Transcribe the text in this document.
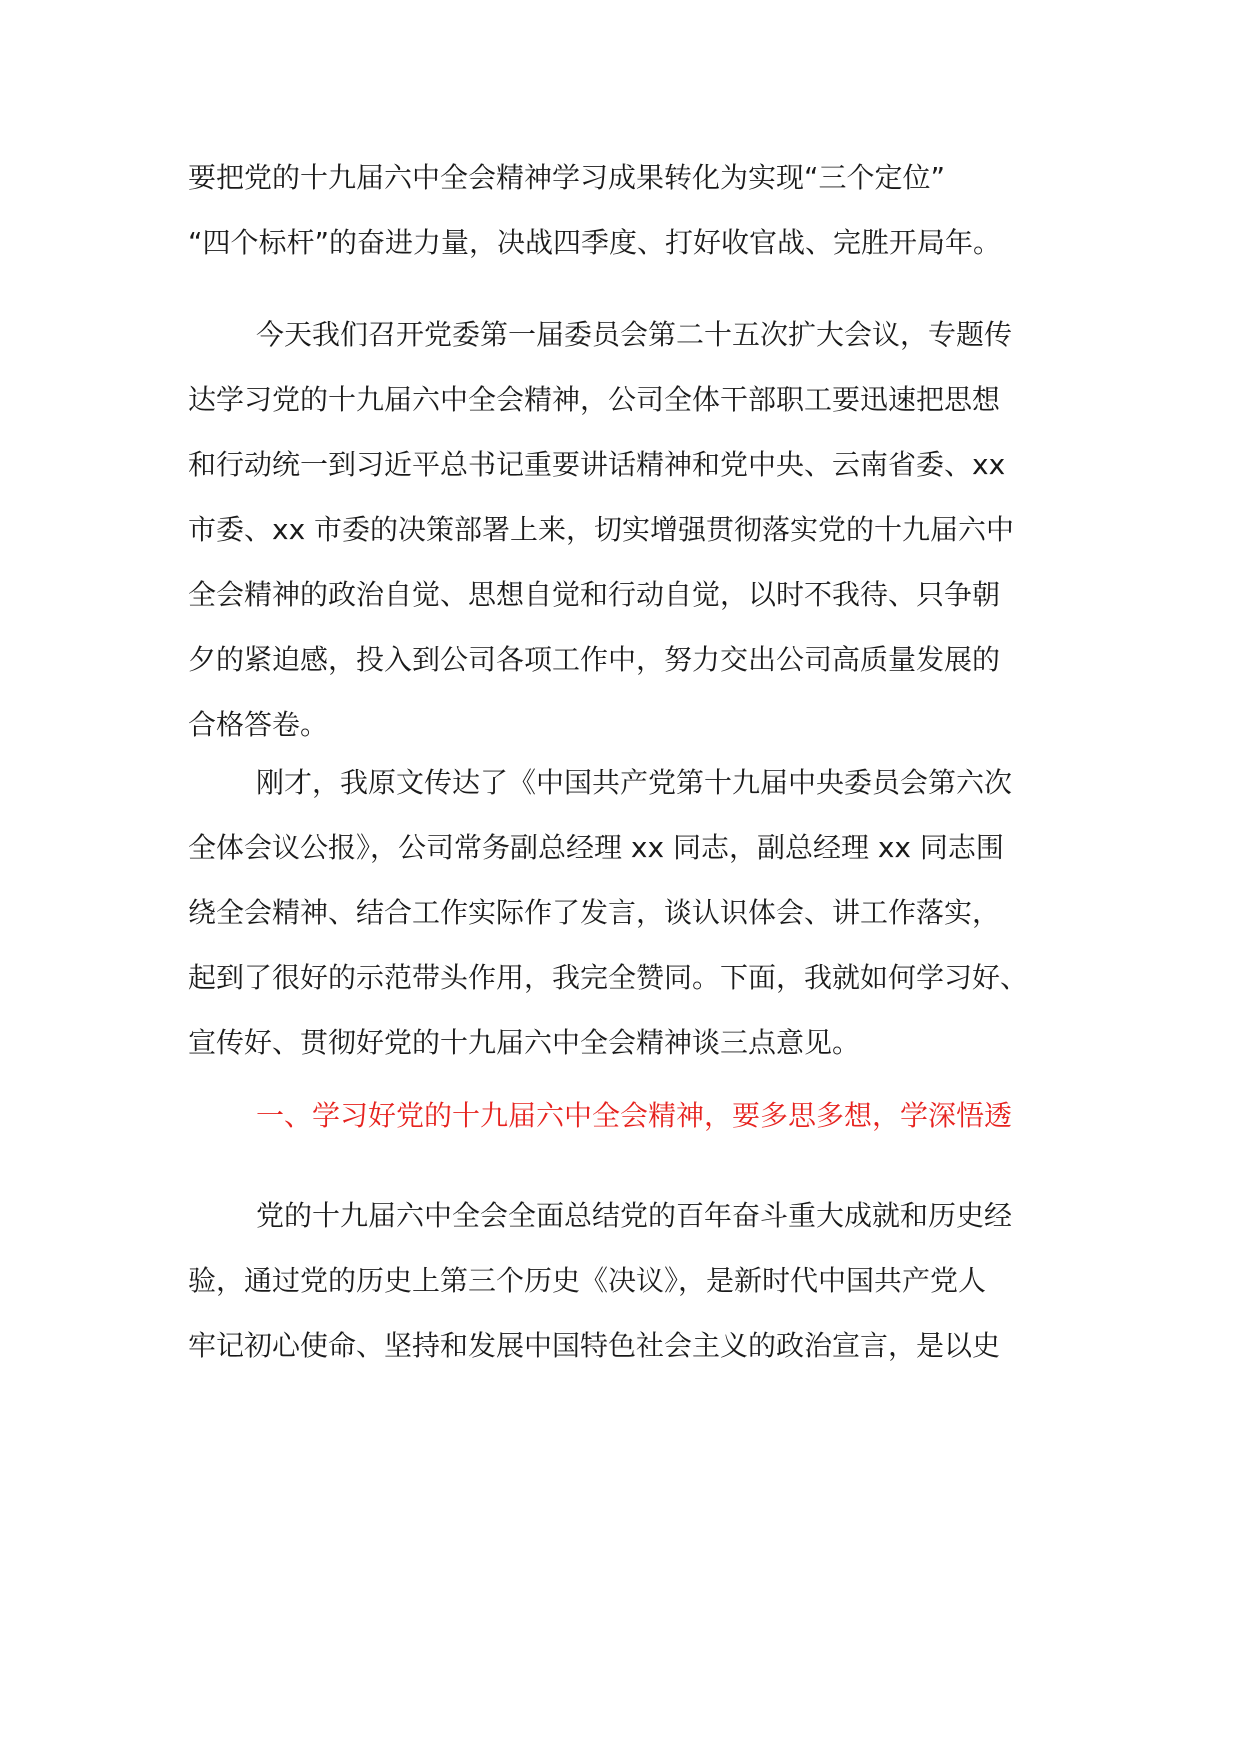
要把党的十九届六中全会精神学习成果转化为实现“三个定位”
“四个标杆”的奋进力量，决战四季度、打好收官战、完胜开局年。
今天我们召开党委第一届委员会第二十五次扩大会议，专题传
达学习党的十九届六中全会精神，公司全体干部职工要迅速把思想
和行动统一到习近平总书记重要讲话精神和党中央、云南省委、xx
市委、xx 市委的决策部署上来，切实增强贯彻落实党的十九届六中
全会精神的政治自觉、思想自觉和行动自觉，以时不我待、只争朝
夕的紧迫感，投入到公司各项工作中，努力交出公司高质量发展的
合格答卷。
刚才，我原文传达了《中国共产党第十九届中央委员会第六次
全体会议公报》，公司常务副总经理 xx 同志，副总经理 xx 同志围
绕全会精神、结合工作实际作了发言，谈认识体会、讲工作落实，
起到了很好的示范带头作用，我完全赞同。下面，我就如何学习好、
宣传好、贯彻好党的十九届六中全会精神谈三点意见。
一、学习好党的十九届六中全会精神，要多思多想，学深悟透
党的十九届六中全会全面总结党的百年奋斗重大成就和历史经
验，通过党的历史上第三个历史《决议》，是新时代中国共产党人
牢记初心使命、坚持和发展中国特色社会主义的政治宣言，是以史
